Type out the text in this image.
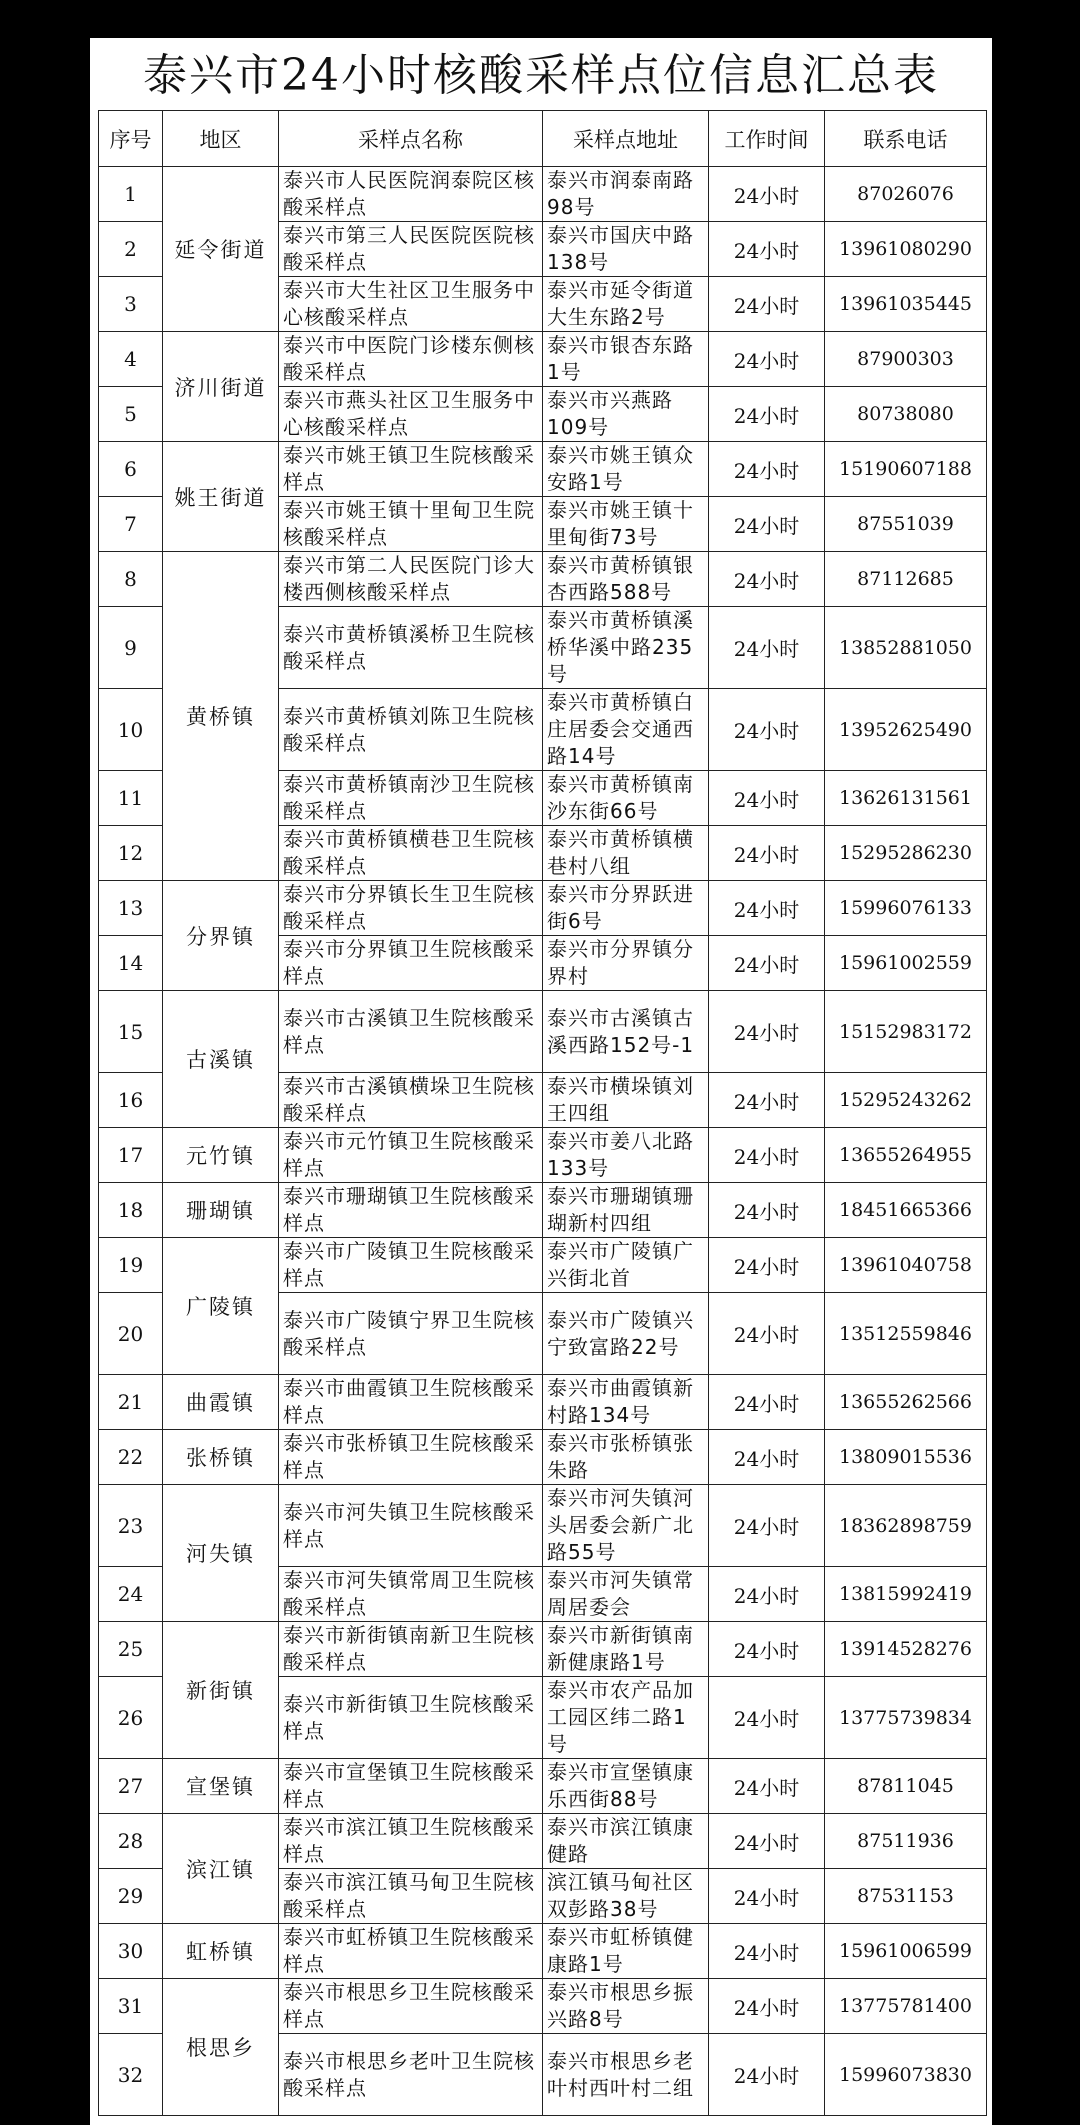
泰兴市24小时核酸采样点位信息汇总表
序号	地区	采样点名称	采样点地址	工作时间	联系电话
1	延令街道	泰兴市人民医院润泰院区核酸采样点	泰兴市润泰南路98号	24小时	87026076
2		泰兴市第三人民医院医院核酸采样点	泰兴市国庆中路138号	24小时	13961080290
3		泰兴市大生社区卫生服务中心核酸采样点	泰兴市延令街道大生东路2号	24小时	13961035445
4	济川街道	泰兴市中医院门诊楼东侧核酸采样点	泰兴市银杏东路1号	24小时	87900303
5		泰兴市燕头社区卫生服务中心核酸采样点	泰兴市兴燕路109号	24小时	80738080
6	姚王街道	泰兴市姚王镇卫生院核酸采样点	泰兴市姚王镇众安路1号	24小时	15190607188
7		泰兴市姚王镇十里甸卫生院核酸采样点	泰兴市姚王镇十里甸街73号	24小时	87551039
8	黄桥镇	泰兴市第二人民医院门诊大楼西侧核酸采样点	泰兴市黄桥镇银杏西路588号	24小时	87112685
9		泰兴市黄桥镇溪桥卫生院核酸采样点	泰兴市黄桥镇溪桥华溪中路235号	24小时	13852881050
10		泰兴市黄桥镇刘陈卫生院核酸采样点	泰兴市黄桥镇白庄居委会交通西路14号	24小时	13952625490
11		泰兴市黄桥镇南沙卫生院核酸采样点	泰兴市黄桥镇南沙东街66号	24小时	13626131561
12		泰兴市黄桥镇横巷卫生院核酸采样点	泰兴市黄桥镇横巷村八组	24小时	15295286230
13	分界镇	泰兴市分界镇长生卫生院核酸采样点	泰兴市分界跃进街6号	24小时	15996076133
14		泰兴市分界镇卫生院核酸采样点	泰兴市分界镇分界村	24小时	15961002559
15	古溪镇	泰兴市古溪镇卫生院核酸采样点	泰兴市古溪镇古溪西路152号-1	24小时	15152983172
16		泰兴市古溪镇横垛卫生院核酸采样点	泰兴市横垛镇刘王四组	24小时	15295243262
17	元竹镇	泰兴市元竹镇卫生院核酸采样点	泰兴市姜八北路133号	24小时	13655264955
18	珊瑚镇	泰兴市珊瑚镇卫生院核酸采样点	泰兴市珊瑚镇珊瑚新村四组	24小时	18451665366
19	广陵镇	泰兴市广陵镇卫生院核酸采样点	泰兴市广陵镇广兴街北首	24小时	13961040758
20		泰兴市广陵镇宁界卫生院核酸采样点	泰兴市广陵镇兴宁致富路22号	24小时	13512559846
21	曲霞镇	泰兴市曲霞镇卫生院核酸采样点	泰兴市曲霞镇新村路134号	24小时	13655262566
22	张桥镇	泰兴市张桥镇卫生院核酸采样点	泰兴市张桥镇张朱路	24小时	13809015536
23	河失镇	泰兴市河失镇卫生院核酸采样点	泰兴市河失镇河头居委会新广北路55号	24小时	18362898759
24		泰兴市河失镇常周卫生院核酸采样点	泰兴市河失镇常周居委会	24小时	13815992419
25	新街镇	泰兴市新街镇南新卫生院核酸采样点	泰兴市新街镇南新健康路1号	24小时	13914528276
26		泰兴市新街镇卫生院核酸采样点	泰兴市农产品加工园区纬二路1号	24小时	13775739834
27	宣堡镇	泰兴市宣堡镇卫生院核酸采样点	泰兴市宣堡镇康乐西街88号	24小时	87811045
28	滨江镇	泰兴市滨江镇卫生院核酸采样点	泰兴市滨江镇康健路	24小时	87511936
29		泰兴市滨江镇马甸卫生院核酸采样点	滨江镇马甸社区双彭路38号	24小时	87531153
30	虹桥镇	泰兴市虹桥镇卫生院核酸采样点	泰兴市虹桥镇健康路1号	24小时	15961006599
31	根思乡	泰兴市根思乡卫生院核酸采样点	泰兴市根思乡振兴路8号	24小时	13775781400
32		泰兴市根思乡老叶卫生院核酸采样点	泰兴市根思乡老叶村西叶村二组	24小时	15996073830
